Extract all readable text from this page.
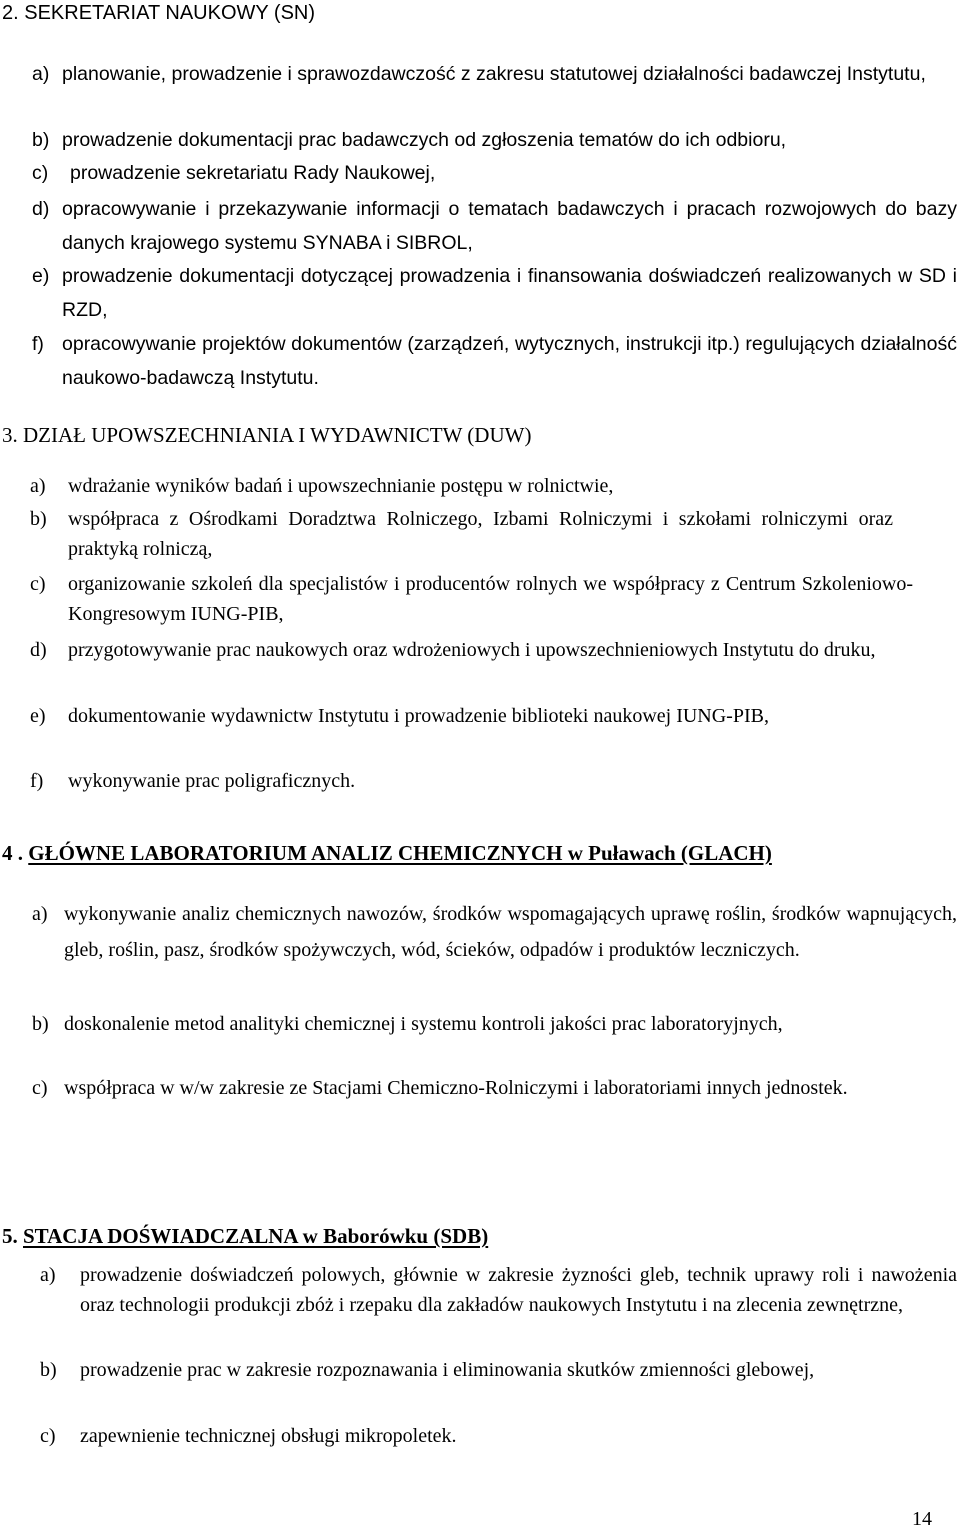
2. SEKRETARIAT NAUKOWY (SN)
a) planowanie, prowadzenie i sprawozdawczość z zakresu statutowej działalności badawczej Instytutu,
b) prowadzenie dokumentacji prac badawczych od zgłoszenia tematów do ich odbioru,
c) prowadzenie sekretariatu Rady Naukowej,
d) opracowywanie i przekazywanie informacji o tematach badawczych i pracach rozwojowych do bazy danych krajowego systemu SYNABA i SIBROL,
e) prowadzenie dokumentacji dotyczącej prowadzenia i finansowania doświadczeń realizowanych w SD i RZD,
f) opracowywanie projektów dokumentów (zarządzeń, wytycznych, instrukcji itp.) regulujących działalność naukowo-badawczą Instytutu.
3. DZIAŁ UPOWSZECHNIANIA I WYDAWNICTW (DUW)
a) wdrażanie wyników badań i upowszechnianie postępu w rolnictwie,
b) współpraca z Ośrodkami Doradztwa Rolniczego, Izbami Rolniczymi i szkołami rolniczymi oraz praktyką rolniczą,
c) organizowanie szkoleń dla specjalistów i producentów rolnych we współpracy z Centrum Szkoleniowo-Kongresowym IUNG-PIB,
d) przygotowywanie prac naukowych oraz wdrożeniowych i upowszechnieniowych Instytutu do druku,
e) dokumentowanie wydawnictw Instytutu i prowadzenie biblioteki naukowej IUNG-PIB,
f) wykonywanie prac poligraficznych.
4 . GŁÓWNE LABORATORIUM ANALIZ CHEMICZNYCH w Puławach (GLACH)
a) wykonywanie analiz chemicznych nawozów, środków wspomagających uprawę roślin, środków wapnujących, gleb, roślin, pasz, środków spożywczych, wód, ścieków, odpadów i produktów leczniczych.
b) doskonalenie metod analityki chemicznej i systemu kontroli jakości prac laboratoryjnych,
c) współpraca w w/w zakresie ze Stacjami Chemiczno-Rolniczymi i laboratoriami innych jednostek.
5. STACJA DOŚWIADCZALNA w Baborówku (SDB)
a) prowadzenie doświadczeń polowych, głównie w zakresie żyzności gleb, technik uprawy roli i nawożenia oraz technologii produkcji zbóż i rzepaku dla zakładów naukowych Instytutu i na zlecenia zewnętrzne,
b) prowadzenie prac w zakresie rozpoznawania i eliminowania skutków zmienności glebowej,
c) zapewnienie technicznej obsługi mikropoletek.
14
